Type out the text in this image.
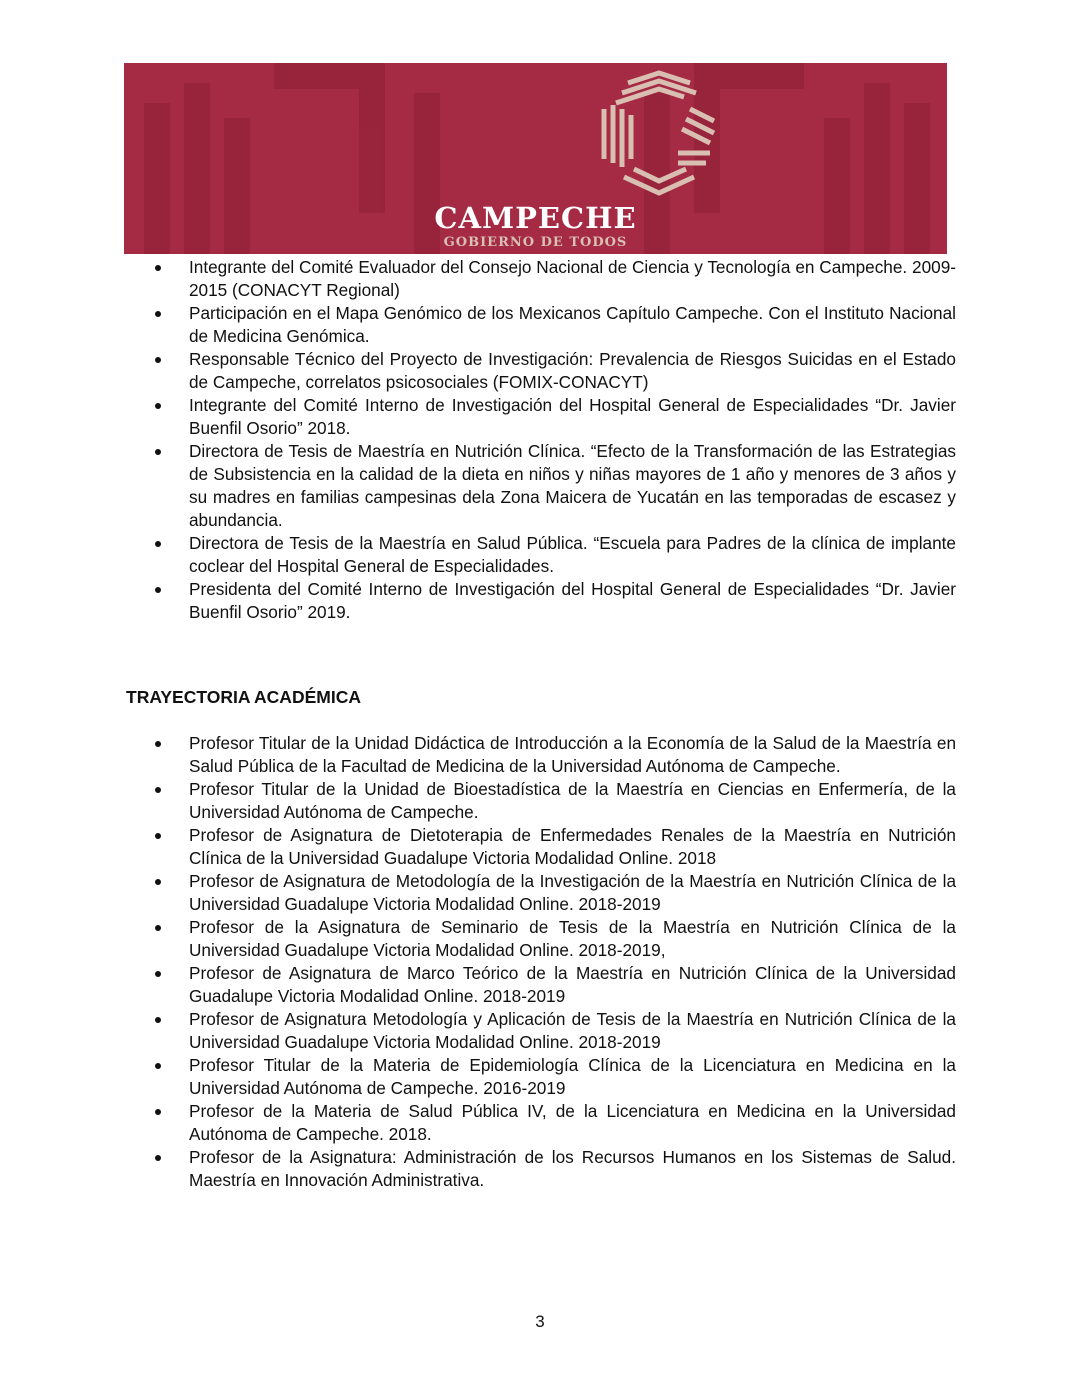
CAMPECHE
GOBIERNO DE TODOS
Integrante del Comité Evaluador del Consejo Nacional de Ciencia y Tecnología en Campeche. 2009-2015 (CONACYT Regional)
Participación en el Mapa Genómico de los Mexicanos Capítulo Campeche. Con el Instituto Nacional de Medicina Genómica.
Responsable Técnico del Proyecto de Investigación: Prevalencia de Riesgos Suicidas en el Estado de Campeche, correlatos psicosociales (FOMIX-CONACYT)
Integrante del Comité Interno de Investigación del Hospital General de Especialidades “Dr. Javier Buenfil Osorio” 2018.
Directora de Tesis de Maestría en Nutrición Clínica. “Efecto de la Transformación de las Estrategias de Subsistencia en la calidad de la dieta en niños y niñas mayores de 1 año y menores de 3 años y su madres en familias campesinas dela Zona Maicera de Yucatán en las temporadas de escasez y abundancia.
Directora de Tesis de la Maestría en Salud Pública. “Escuela para Padres de la clínica de implante coclear del Hospital General de Especialidades.
Presidenta del Comité Interno de Investigación del Hospital General de Especialidades “Dr. Javier Buenfil Osorio” 2019.
TRAYECTORIA ACADÉMICA
Profesor Titular de la Unidad Didáctica de Introducción a la Economía de la Salud de la Maestría en Salud Pública de la Facultad de Medicina de la Universidad Autónoma de Campeche.
Profesor Titular de la Unidad de Bioestadística de la Maestría en Ciencias en Enfermería, de la Universidad Autónoma de Campeche.
Profesor de Asignatura de Dietoterapia de Enfermedades Renales de la Maestría en Nutrición Clínica de la Universidad Guadalupe Victoria Modalidad Online. 2018
Profesor de Asignatura de Metodología de la Investigación de la Maestría en Nutrición Clínica de la Universidad Guadalupe Victoria Modalidad Online. 2018-2019
Profesor de la Asignatura de Seminario de Tesis de la Maestría en Nutrición Clínica de la Universidad Guadalupe Victoria Modalidad Online. 2018-2019,
Profesor de Asignatura de Marco Teórico de la Maestría en Nutrición Clínica de la Universidad Guadalupe Victoria Modalidad Online. 2018-2019
Profesor de Asignatura Metodología y Aplicación de Tesis de la Maestría en Nutrición Clínica de la Universidad Guadalupe Victoria Modalidad Online. 2018-2019
Profesor Titular de la Materia de Epidemiología Clínica de la Licenciatura en Medicina en la Universidad Autónoma de Campeche. 2016-2019
Profesor de la Materia de Salud Pública IV, de la Licenciatura en Medicina en la Universidad Autónoma de Campeche. 2018.
Profesor de la Asignatura: Administración de los Recursos Humanos en los Sistemas de Salud. Maestría en Innovación Administrativa.
3
